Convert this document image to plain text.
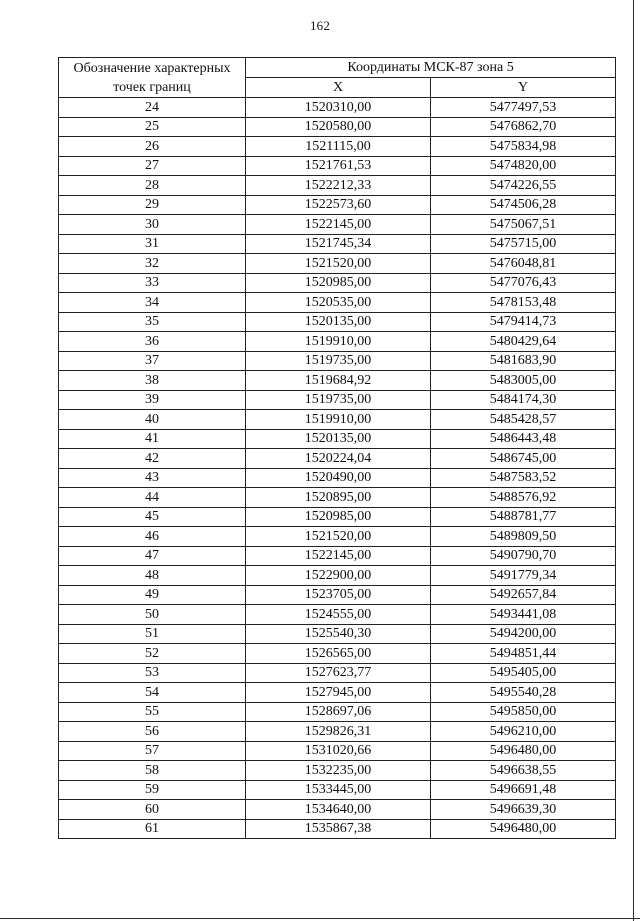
162
Обозначение характерных
точек границ	Координаты МСК-87 зона 5	
	X	Y
24	1520310,00	5477497,53
25	1520580,00	5476862,70
26	1521115,00	5475834,98
27	1521761,53	5474820,00
28	1522212,33	5474226,55
29	1522573,60	5474506,28
30	1522145,00	5475067,51
31	1521745,34	5475715,00
32	1521520,00	5476048,81
33	1520985,00	5477076,43
34	1520535,00	5478153,48
35	1520135,00	5479414,73
36	1519910,00	5480429,64
37	1519735,00	5481683,90
38	1519684,92	5483005,00
39	1519735,00	5484174,30
40	1519910,00	5485428,57
41	1520135,00	5486443,48
42	1520224,04	5486745,00
43	1520490,00	5487583,52
44	1520895,00	5488576,92
45	1520985,00	5488781,77
46	1521520,00	5489809,50
47	1522145,00	5490790,70
48	1522900,00	5491779,34
49	1523705,00	5492657,84
50	1524555,00	5493441,08
51	1525540,30	5494200,00
52	1526565,00	5494851,44
53	1527623,77	5495405,00
54	1527945,00	5495540,28
55	1528697,06	5495850,00
56	1529826,31	5496210,00
57	1531020,66	5496480,00
58	1532235,00	5496638,55
59	1533445,00	5496691,48
60	1534640,00	5496639,30
61	1535867,38	5496480,00
